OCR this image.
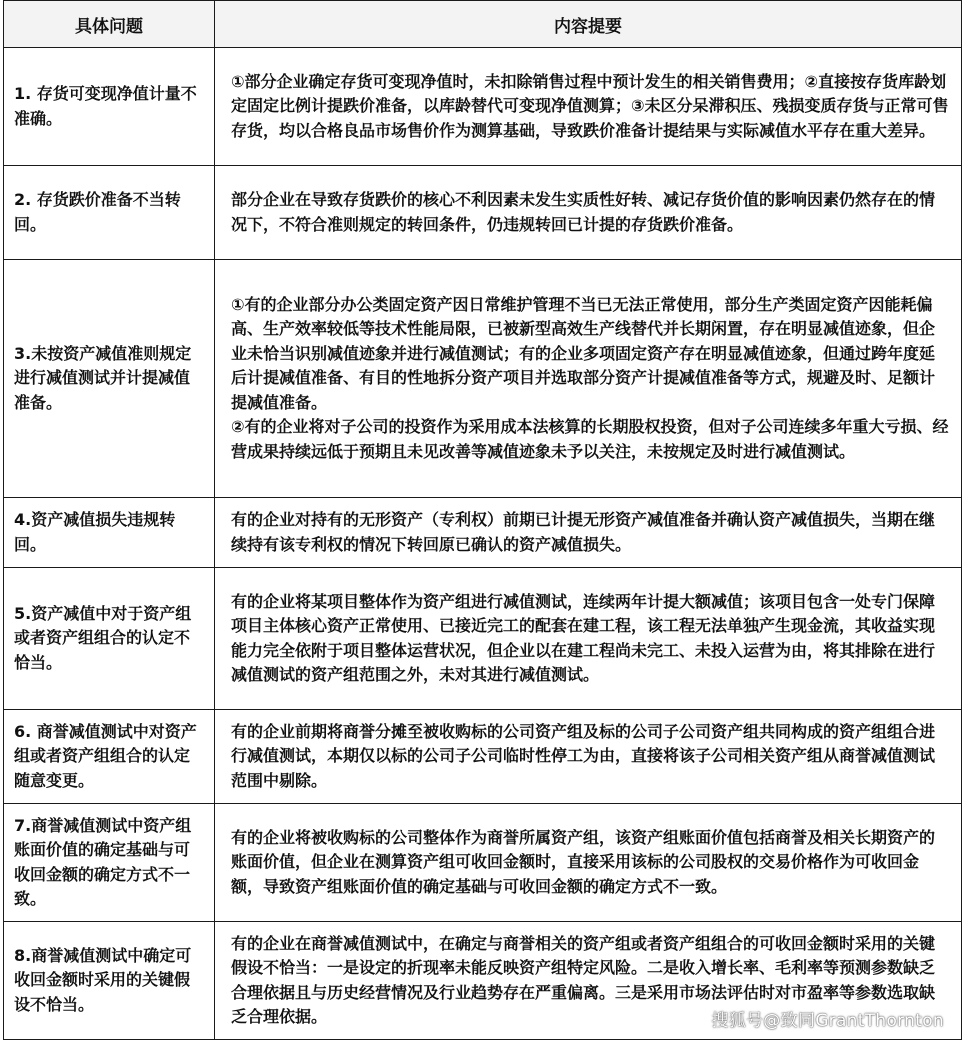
具体问题	内容提要
1. 存货可变现净值计量不准确。	①部分企业确定存货可变现净值时，未扣除销售过程中预计发生的相关销售费用；②直接按存货库龄划定固定比例计提跌价准备，以库龄替代可变现净值测算；③未区分呆滞积压、残损变质存货与正常可售存货，均以合格良品市场售价作为测算基础，导致跌价准备计提结果与实际减值水平存在重大差异。
2. 存货跌价准备不当转回。	部分企业在导致存货跌价的核心不利因素未发生实质性好转、减记存货价值的影响因素仍然存在的情况下，不符合准则规定的转回条件，仍违规转回已计提的存货跌价准备。
3.未按资产减值准则规定进行减值测试并计提减值准备。	①有的企业部分办公类固定资产因日常维护管理不当已无法正常使用，部分生产类固定资产因能耗偏高、生产效率较低等技术性能局限，已被新型高效生产线替代并长期闲置，存在明显减值迹象，但企业未恰当识别减值迹象并进行减值测试；有的企业多项固定资产存在明显减值迹象，但通过跨年度延后计提减值准备、有目的性地拆分资产项目并选取部分资产计提减值准备等方式，规避及时、足额计提减值准备。
②有的企业将对子公司的投资作为采用成本法核算的长期股权投资，但对子公司连续多年重大亏损、经营成果持续远低于预期且未见改善等减值迹象未予以关注，未按规定及时进行减值测试。

4.资产减值损失违规转回。	有的企业对持有的无形资产（专利权）前期已计提无形资产减值准备并确认资产减值损失，当期在继续持有该专利权的情况下转回原已确认的资产减值损失。
5.资产减值中对于资产组或者资产组组合的认定不恰当。	有的企业将某项目整体作为资产组进行减值测试，连续两年计提大额减值；该项目包含一处专门保障项目主体核心资产正常使用、已接近完工的配套在建工程，该工程无法单独产生现金流，其收益实现能力完全依附于项目整体运营状况，但企业以在建工程尚未完工、未投入运营为由，将其排除在进行减值测试的资产组范围之外，未对其进行减值测试。
6. 商誉减值测试中对资产组或者资产组组合的认定随意变更。	有的企业前期将商誉分摊至被收购标的公司资产组及标的公司子公司资产组共同构成的资产组组合进行减值测试，本期仅以标的公司子公司临时性停工为由，直接将该子公司相关资产组从商誉减值测试范围中剔除。
7.商誉减值测试中资产组账面价值的确定基础与可收回金额的确定方式不一致。	有的企业将被收购标的公司整体作为商誉所属资产组，该资产组账面价值包括商誉及相关长期资产的账面价值，但企业在测算资产组可收回金额时，直接采用该标的公司股权的交易价格作为可收回金额，导致资产组账面价值的确定基础与可收回金额的确定方式不一致。
8.商誉减值测试中确定可收回金额时采用的关键假设不恰当。	有的企业在商誉减值测试中，在确定与商誉相关的资产组或者资产组组合的可收回金额时采用的关键假设不恰当：一是设定的折现率未能反映资产组特定风险。二是收入增长率、毛利率等预测参数缺乏合理依据且与历史经营情况及行业趋势存在严重偏离。三是采用市场法评估时对市盈率等参数选取缺乏合理依据。	搜狐号@致同GrantThornton
